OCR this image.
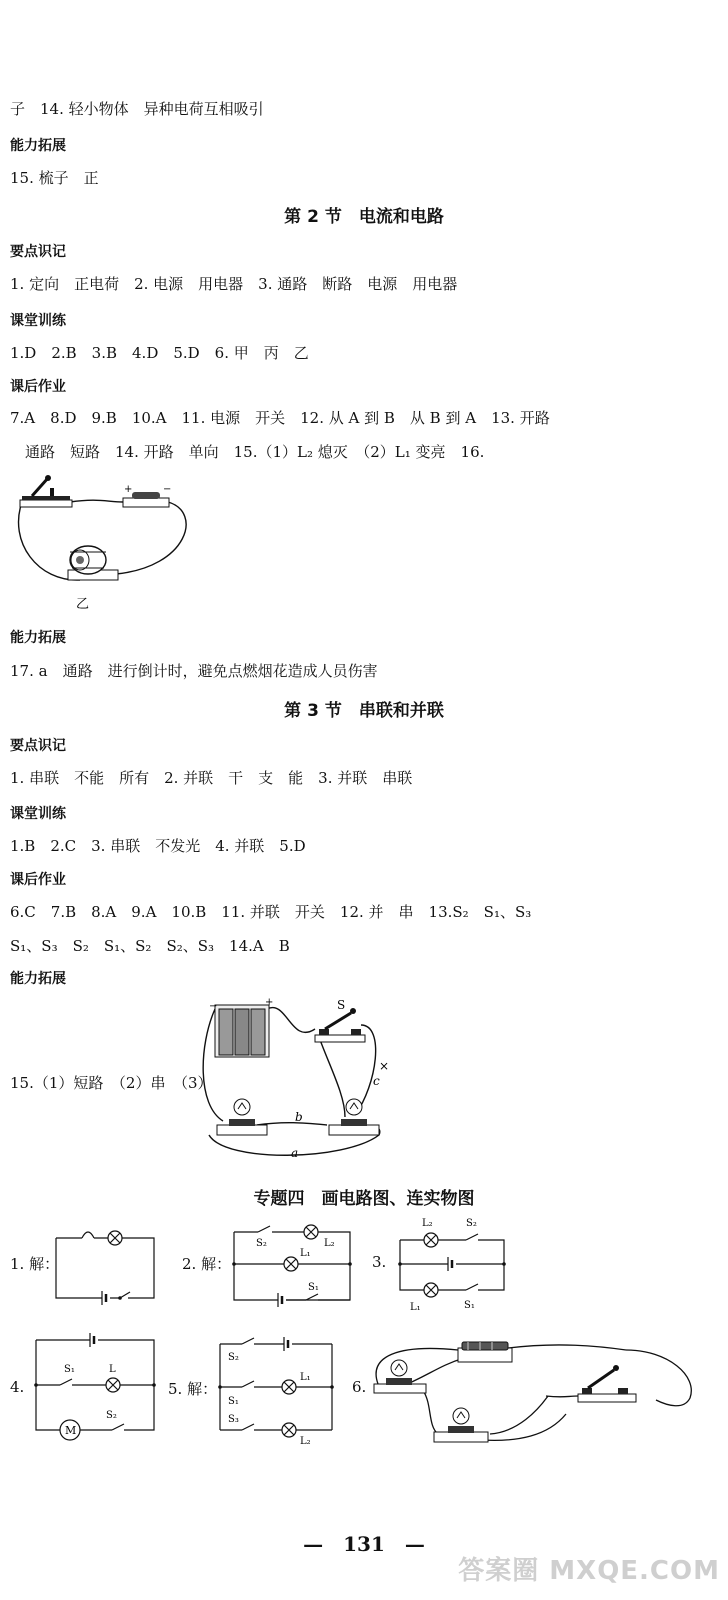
子　14. 轻小物体　异种电荷互相吸引
能力拓展
15. 梳子　正
第 2 节　电流和电路
要点识记
1. 定向　正电荷　2. 电源　用电器　3. 通路　断路　电源　用电器
课堂训练
1.D　2.B　3.B　4.D　5.D　6. 甲　丙　乙
课后作业
7.A　8.D　9.B　10.A　11. 电源　开关　12. 从 A 到 B　从 B 到 A　13. 开路
　通路　短路　14. 开路　单向　15.（1）L₂ 熄灭　（2）L₁ 变亮　16.
+	−
乙
能力拓展
17. a　通路　进行倒计时，避免点燃烟花造成人员伤害
第 3 节　串联和并联
要点识记
1. 串联　不能　所有　2. 并联　干　支　能　3. 并联　串联
课堂训练
1.B　2.C　3. 串联　不发光　4. 并联　5.D
课后作业
6.C　7.B　8.A　9.A　10.B　11. 并联　开关　12. 并　串　13.S₂　S₁、S₃
S₁、S₃　S₂　S₁、S₂　S₂、S₃　14.A　B
能力拓展
15.（1）短路　（2）串　（3）
−	+	S
b
c
×
a
专题四　画电路图、连实物图
1. 解：	2. 解：
S₂	L₂
L₁
S₁
3.
L₂	S₂
L₁	S₁
4.
S₁	L
S₂
M
5. 解：
S₂
L₁
S₁
S₃
L₂
6.
—　131　—
答案圈 MXQE.COM
